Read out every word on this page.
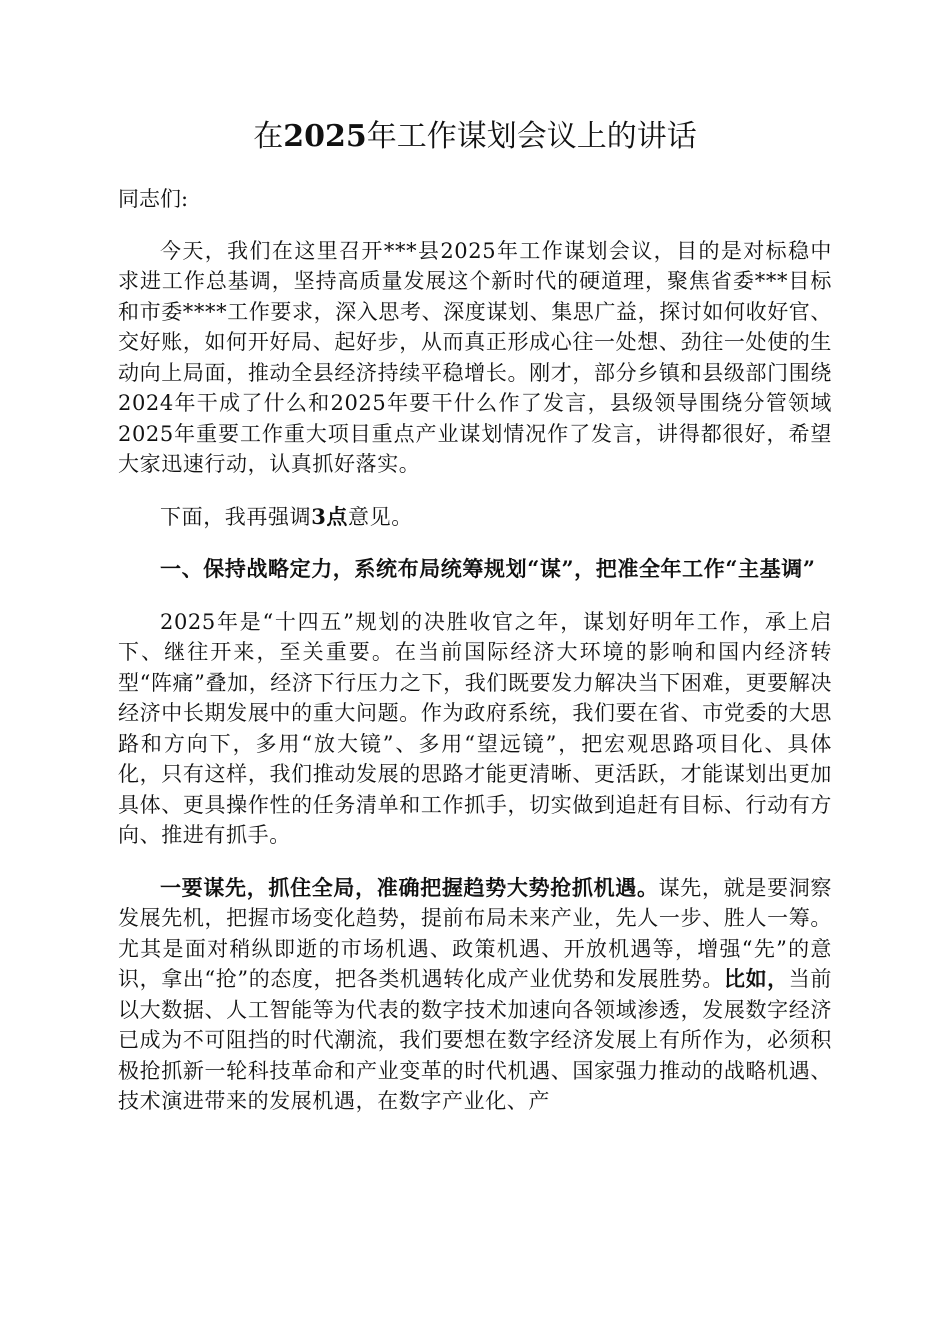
在2025年工作谋划会议上的讲话

同志们:

今天，我们在这里召开***县2025年工作谋划会议，目的是对标稳中求进工作总基调，坚持高质量发展这个新时代的硬道理，聚焦省委***目标和市委****工作要求，深入思考、深度谋划、集思广益，探讨如何收好官、交好账，如何开好局、起好步，从而真正形成心往一处想、劲往一处使的生动向上局面，推动全县经济持续平稳增长。刚才，部分乡镇和县级部门围绕2024年干成了什么和2025年要干什么作了发言，县级领导围绕分管领域2025年重要工作重大项目重点产业谋划情况作了发言，讲得都很好，希望大家迅速行动，认真抓好落实。

下面，我再强调3点意见。

一、保持战略定力，系统布局统筹规划“谋”，把准全年工作“主基调”

2025年是“十四五”规划的决胜收官之年，谋划好明年工作，承上启下、继往开来，至关重要。在当前国际经济大环境的影响和国内经济转型“阵痛”叠加，经济下行压力之下，我们既要发力解决当下困难，更要解决经济中长期发展中的重大问题。作为政府系统，我们要在省、市党委的大思路和方向下，多用“放大镜”、多用“望远镜”，把宏观思路项目化、具体化，只有这样，我们推动发展的思路才能更清晰、更活跃，才能谋划出更加具体、更具操作性的任务清单和工作抓手，切实做到追赶有目标、行动有方向、推进有抓手。

一要谋先，抓住全局，准确把握趋势大势抢抓机遇。谋先，就是要洞察发展先机，把握市场变化趋势，提前布局未来产业，先人一步、胜人一筹。尤其是面对稍纵即逝的市场机遇、政策机遇、开放机遇等，增强“先”的意识，拿出“抢”的态度，把各类机遇转化成产业优势和发展胜势。比如，当前以大数据、人工智能等为代表的数字技术加速向各领域渗透，发展数字经济已成为不可阻挡的时代潮流，我们要想在数字经济发展上有所作为，必须积极抢抓新一轮科技革命和产业变革的时代机遇、国家强力推动的战略机遇、技术演进带来的发展机遇，在数字产业化、产
